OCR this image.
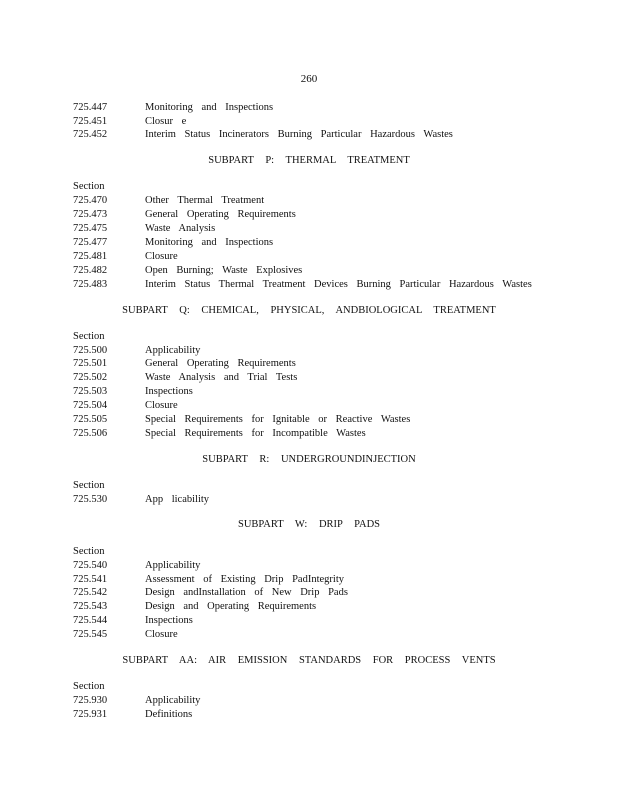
260
725.447	Monitoring and Inspections
725.451	Closur e
725.452	Interim Status Incinerators Burning Particular Hazardous Wastes
SUBPART P: THERMAL TREATMENT
Section
725.470	Other Thermal Treatment
725.473	General Operating Requirements
725.475	Waste Analysis
725.477	Monitoring and Inspections
725.481	Closure
725.482	Open Burning; Waste Explosives
725.483	Interim Status Thermal Treatment Devices Burning Particular Hazardous Wastes
SUBPART Q: CHEMICAL, PHYSICAL, ANDBIOLOGICAL TREATMENT
Section
725.500	Applicability
725.501	General Operating Requirements
725.502	Waste Analysis and Trial Tests
725.503	Inspections
725.504	Closure
725.505	Special Requirements for Ignitable or Reactive Wastes
725.506	Special Requirements for Incompatible Wastes
SUBPART R: UNDERGROUNDINJECTION
Section
725.530	App licability
SUBPART W: DRIP PADS
Section
725.540	Applicability
725.541	Assessment of Existing Drip PadIntegrity
725.542	Design andInstallation of New Drip Pads
725.543	Design and Operating Requirements
725.544	Inspections
725.545	Closure
SUBPART AA: AIR EMISSION STANDARDS FOR PROCESS VENTS
Section
725.930	Applicability
725.931	Definitions
